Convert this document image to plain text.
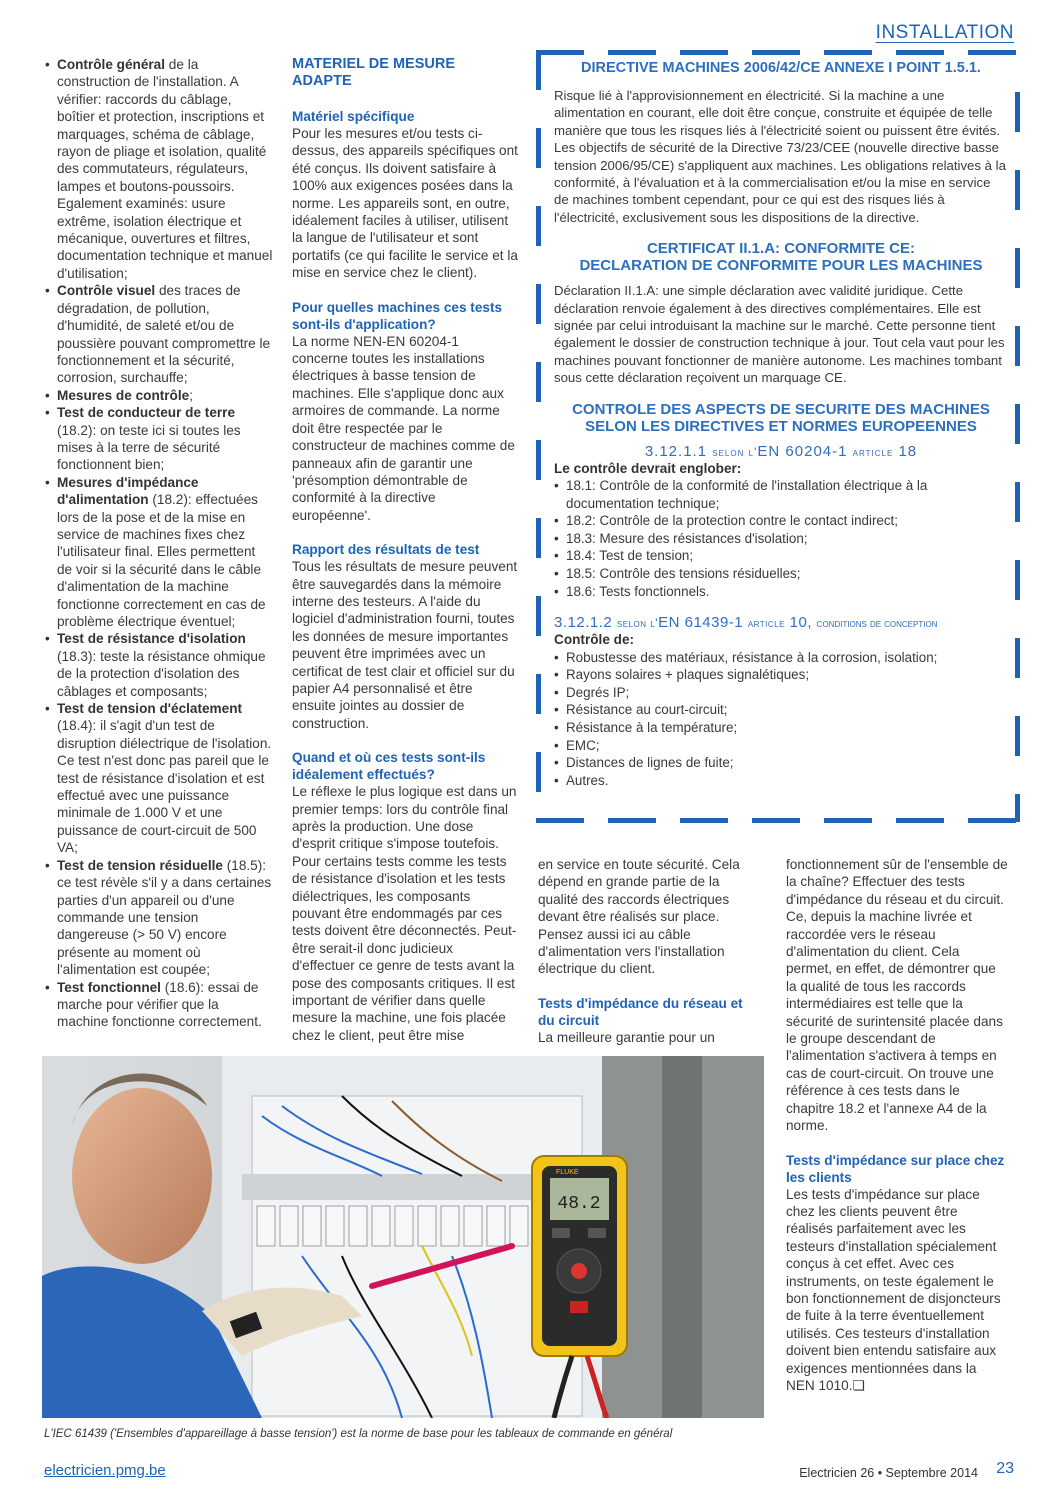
INSTALLATION
• Contrôle général de la construction de l'installation. A vérifier: raccords du câblage, boîtier et protection, inscriptions et marquages, schéma de câblage, rayon de pliage et isolation, qualité des commutateurs, régulateurs, lampes et boutons-poussoirs. Egalement examinés: usure extrême, isolation électrique et mécanique, ouvertures et filtres, documentation technique et manuel d'utilisation;
• Contrôle visuel des traces de dégradation, de pollution, d'humidité, de saleté et/ou de poussière pouvant compromettre le fonctionnement et la sécurité, corrosion, surchauffe;
• Mesures de contrôle;
• Test de conducteur de terre (18.2): on teste ici si toutes les mises à la terre de sécurité fonctionnent bien;
• Mesures d'impédance d'alimentation (18.2): effectuées lors de la pose et de la mise en service de machines fixes chez l'utilisateur final. Elles permettent de voir si la sécurité dans le câble d'alimentation de la machine fonctionne correctement en cas de problème électrique éventuel;
• Test de résistance d'isolation (18.3): teste la résistance ohmique de la protection d'isolation des câblages et composants;
• Test de tension d'éclatement (18.4): il s'agit d'un test de disruption diélectrique de l'isolation. Ce test n'est donc pas pareil que le test de résistance d'isolation et est effectué avec une puissance minimale de 1.000 V et une puissance de court-circuit de 500 VA;
• Test de tension résiduelle (18.5): ce test révèle s'il y a dans certaines parties d'un appareil ou d'une commande une tension dangereuse (> 50 V) encore présente au moment où l'alimentation est coupée;
• Test fonctionnel (18.6): essai de marche pour vérifier que la machine fonctionne correctement.
MATERIEL DE MESURE ADAPTE
Matériel spécifique

Pour les mesures et/ou tests ci-dessus, des appareils spécifiques ont été conçus. Ils doivent satisfaire à 100% aux exigences posées dans la norme. Les appareils sont, en outre, idéalement faciles à utiliser, utilisent la langue de l'utilisateur et sont portatifs (ce qui facilite le service et la mise en service chez le client).

Pour quelles machines ces tests sont-ils d'application?

La norme NEN-EN 60204-1 concerne toutes les installations électriques à basse tension de machines. Elle s'applique donc aux armoires de commande. La norme doit être respectée par le constructeur de machines comme de panneaux afin de garantir une 'présomption démontrable de conformité à la directive européenne'.

Rapport des résultats de test

Tous les résultats de mesure peuvent être sauvegardés dans la mémoire interne des testeurs. A l'aide du logiciel d'administration fourni, toutes les données de mesure importantes peuvent être imprimées avec un certificat de test clair et officiel sur du papier A4 personnalisé et être ensuite jointes au dossier de construction.

Quand et où ces tests sont-ils idéalement effectués?

Le réflexe le plus logique est dans un premier temps: lors du contrôle final après la production. Une dose d'esprit critique s'impose toutefois. Pour certains tests comme les tests de résistance d'isolation et les tests diélectriques, les composants pouvant être endommagés par ces tests doivent être déconnectés. Peut-être serait-il donc judicieux d'effectuer ce genre de tests avant la pose des composants critiques. Il est important de vérifier dans quelle mesure la machine, une fois placée chez le client, peut être mise

DIRECTIVE MACHINES 2006/42/CE ANNEXE I POINT 1.5.1.
Risque lié à l'approvisionnement en électricité. Si la machine a une alimentation en courant, elle doit être conçue, construite et équipée de telle manière que tous les risques liés à l'électricité soient ou puissent être évités. Les objectifs de sécurité de la Directive 73/23/CEE (nouvelle directive basse tension 2006/95/CE) s'appliquent aux machines. Les obligations relatives à la conformité, à l'évaluation et à la commercialisation et/ou la mise en service de machines tombent cependant, pour ce qui est des risques liés à l'électricité, exclusivement sous les dispositions de la directive.
CERTIFICAT II.1.A: CONFORMITE CE:
DECLARATION DE CONFORMITE POUR LES MACHINES
Déclaration II.1.A: une simple déclaration avec validité juridique. Cette déclaration renvoie également à des directives complémentaires. Elle est signée par celui introduisant la machine sur le marché. Cette personne tient également le dossier de construction technique à jour. Tout cela vaut pour les machines pouvant fonctionner de manière autonome. Les machines tombant sous cette déclaration reçoivent un marquage CE.
CONTROLE DES ASPECTS DE SECURITE DES MACHINES
SELON LES DIRECTIVES ET NORMES EUROPEENNES
3.12.1.1 selon l'EN 60204-1 article 18
Le contrôle devrait englober:
• 18.1: Contrôle de la conformité de l'installation électrique à la documentation technique;
• 18.2: Contrôle de la protection contre le contact indirect;
• 18.3: Mesure des résistances d'isolation;
• 18.4: Test de tension;
• 18.5: Contrôle des tensions résiduelles;
• 18.6: Tests fonctionnels.
3.12.1.2 selon l'EN 61439-1 article 10, conditions de conception
Contrôle de:
• Robustesse des matériaux, résistance à la corrosion, isolation;
• Rayons solaires + plaques signalétiques;
• Degrés IP;
• Résistance au court-circuit;
• Résistance à la température;
• EMC;
• Distances de lignes de fuite;
• Autres.

en service en toute sécurité. Cela dépend en grande partie de la qualité des raccords électriques devant être réalisés sur place. Pensez aussi ici au câble d'alimentation vers l'installation électrique du client.

Tests d'impédance du réseau et du circuit

La meilleure garantie pour un

fonctionnement sûr de l'ensemble de la chaîne? Effectuer des tests d'impédance du réseau et du circuit. Ce, depuis la machine livrée et raccordée vers le réseau d'alimentation du client. Cela permet, en effet, de démontrer que la qualité de tous les raccords intermédiaires est telle que la sécurité de surintensité placée dans le groupe descendant de l'alimentation s'activera à temps en cas de court-circuit. On trouve une référence à ces tests dans le chapitre 18.2 et l'annexe A4 de la norme.

Tests d'impédance sur place chez les clients

Les tests d'impédance sur place chez les clients peuvent être réalisés parfaitement avec les testeurs d'installation spécialement conçus à cet effet. Avec ces instruments, on teste également le bon fonctionnement de disjoncteurs de fuite à la terre éventuellement utilisés. Ces testeurs d'installation doivent bien entendu satisfaire aux exigences mentionnées dans la NEN 1010.❏

48.2
FLUKE
L'IEC 61439 ('Ensembles d'appareillage à basse tension') est la norme de base pour les tableaux de commande en général
electricien.pmg.be	Electricien 26 • Septembre 2014 23
